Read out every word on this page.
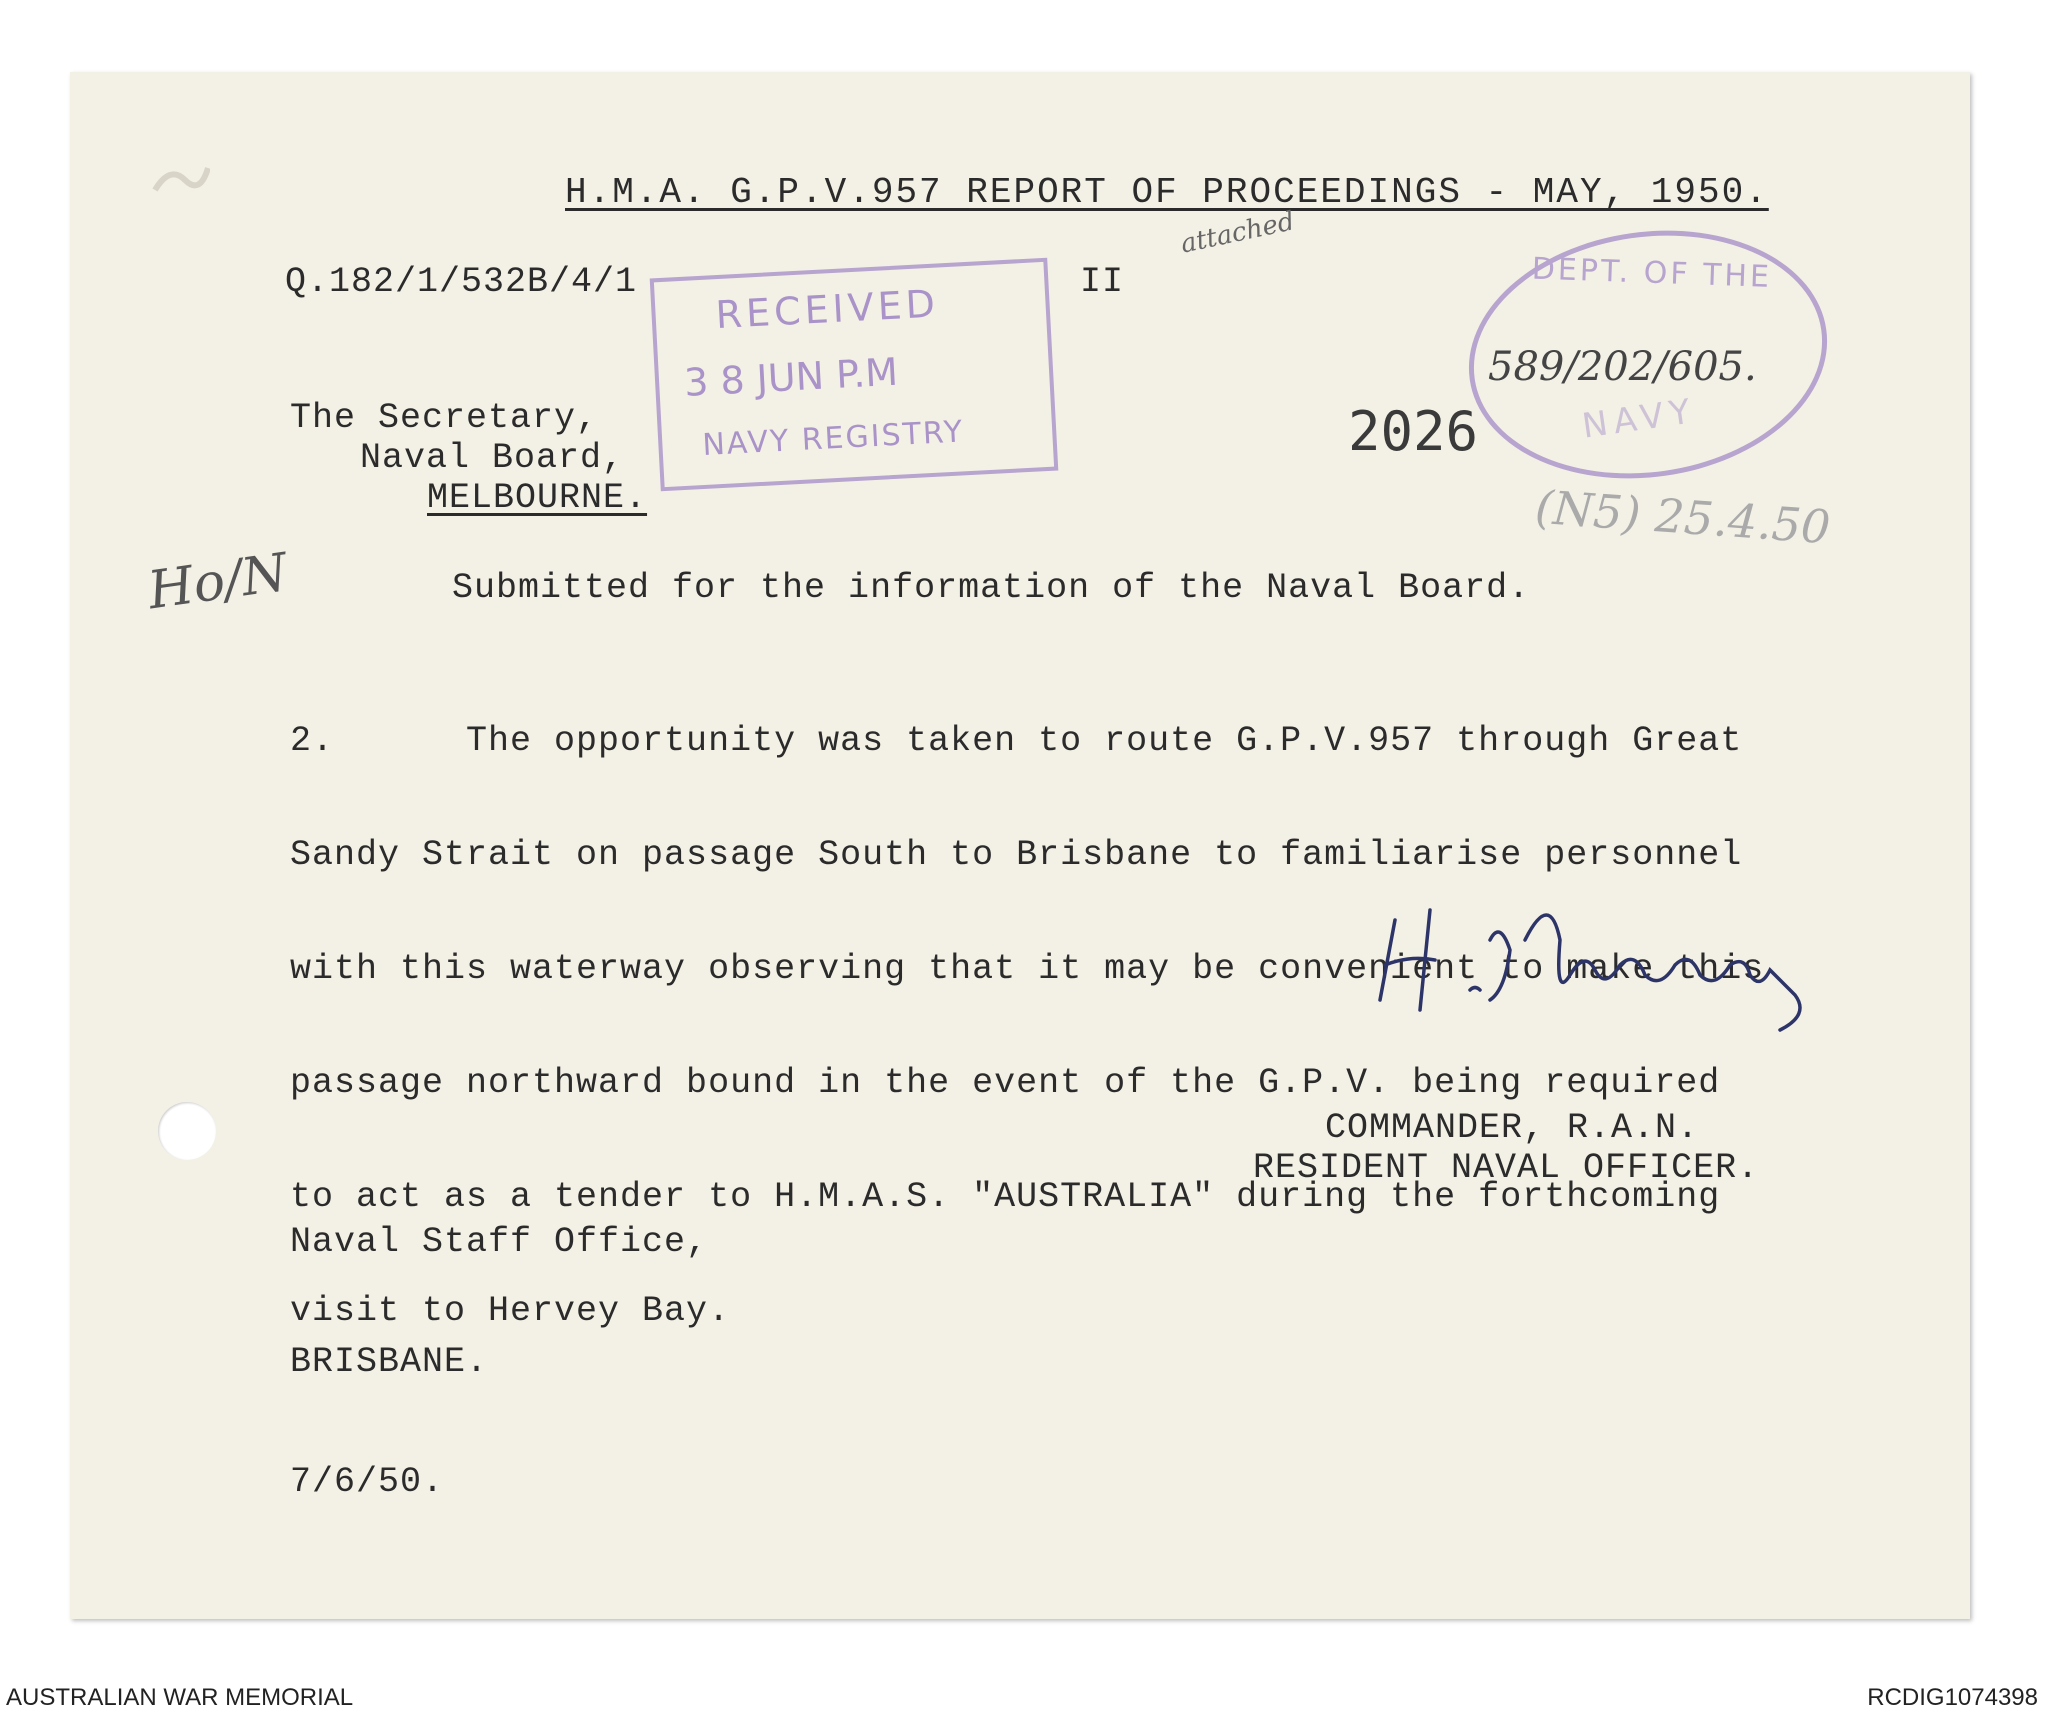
H.M.A. G.P.V.957 REPORT OF PROCEEDINGS - MAY, 1950.
Q.182/1/532B/4/1	II
attached
RECEIVED
3 8 JUN P.M
NAVY REGISTRY
DEPT. OF THE
NAVY
589/202/605.
2026
(N5) 25.4.50
The Secretary,
Naval Board,
MELBOURNE.
Ho/N	Submitted for the information of the Naval Board.

2.      The opportunity was taken to route G.P.V.957 through Great

Sandy Strait on passage South to Brisbane to familiarise personnel

with this waterway observing that it may be convenient to make this

passage northward bound in the event of the G.P.V. being required

to act as a tender to H.M.A.S. "AUSTRALIA" during the forthcoming

visit to Hervey Bay.

COMMANDER, R.A.N.
RESIDENT NAVAL OFFICER.

Naval Staff Office,

BRISBANE.

7/6/50.

AUSTRALIAN WAR MEMORIAL	RCDIG1074398
